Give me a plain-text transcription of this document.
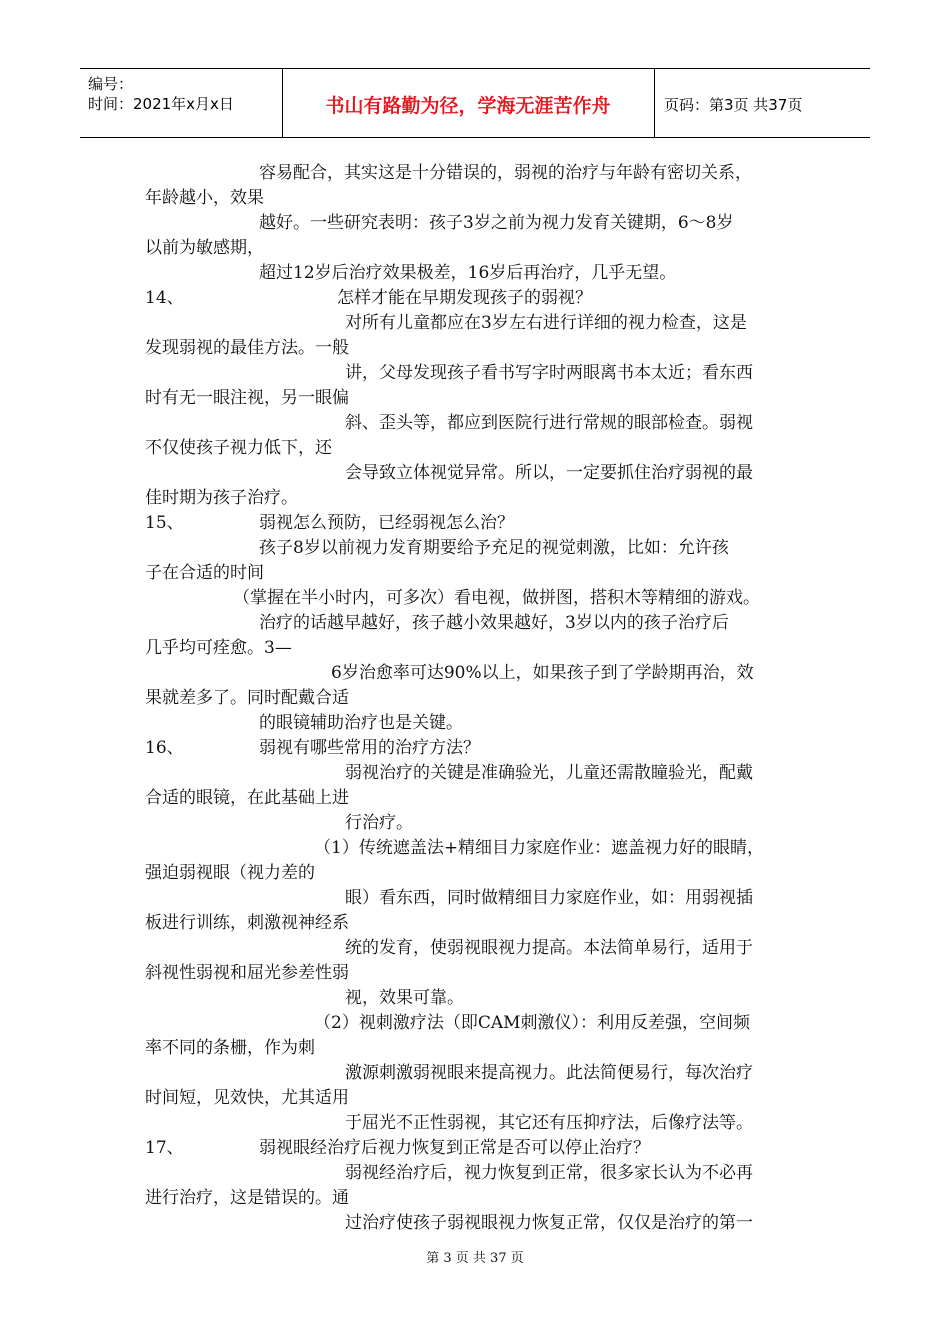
编号：
时间：2021年x月x日	书山有路勤为径，学海无涯苦作舟	页码：第3页 共37页
容易配合，其实这是十分错误的，弱视的治疗与年龄有密切关系，
年龄越小，效果
越好。一些研究表明：孩子3岁之前为视力发育关键期，6～8岁
以前为敏感期，
超过12岁后治疗效果极差，16岁后再治疗，几乎无望。
14、	怎样才能在早期发现孩子的弱视？
对所有儿童都应在3岁左右进行详细的视力检查，这是
发现弱视的最佳方法。一般
讲，父母发现孩子看书写字时两眼离书本太近；看东西
时有无一眼注视，另一眼偏
斜、歪头等，都应到医院行进行常规的眼部检查。弱视
不仅使孩子视力低下，还
会导致立体视觉异常。所以，一定要抓住治疗弱视的最
佳时期为孩子治疗。
15、	弱视怎么预防，已经弱视怎么治？
孩子8岁以前视力发育期要给予充足的视觉刺激，比如：允许孩
子在合适的时间
（掌握在半小时内，可多次）看电视，做拼图，搭积木等精细的游戏。
治疗的话越早越好，孩子越小效果越好，3岁以内的孩子治疗后
几乎均可痊愈。3—
6岁治愈率可达90%以上，如果孩子到了学龄期再治，效
果就差多了。同时配戴合适
的眼镜辅助治疗也是关键。
16、	弱视有哪些常用的治疗方法？
弱视治疗的关键是准确验光，儿童还需散瞳验光，配戴
合适的眼镜，在此基础上进
行治疗。
（1）传统遮盖法+精细目力家庭作业：遮盖视力好的眼睛，
强迫弱视眼（视力差的
眼）看东西，同时做精细目力家庭作业，如：用弱视插
板进行训练，刺激视神经系
统的发育，使弱视眼视力提高。本法简单易行，适用于
斜视性弱视和屈光参差性弱
视，效果可靠。
（2）视刺激疗法（即CAM刺激仪）：利用反差强，空间频
率不同的条栅，作为刺
激源刺激弱视眼来提高视力。此法简便易行，每次治疗
时间短，见效快，尤其适用
于屈光不正性弱视，其它还有压抑疗法，后像疗法等。
17、	弱视眼经治疗后视力恢复到正常是否可以停止治疗？
弱视经治疗后，视力恢复到正常，很多家长认为不必再
进行治疗，这是错误的。通
过治疗使孩子弱视眼视力恢复正常，仅仅是治疗的第一
第 3 页 共 37 页
